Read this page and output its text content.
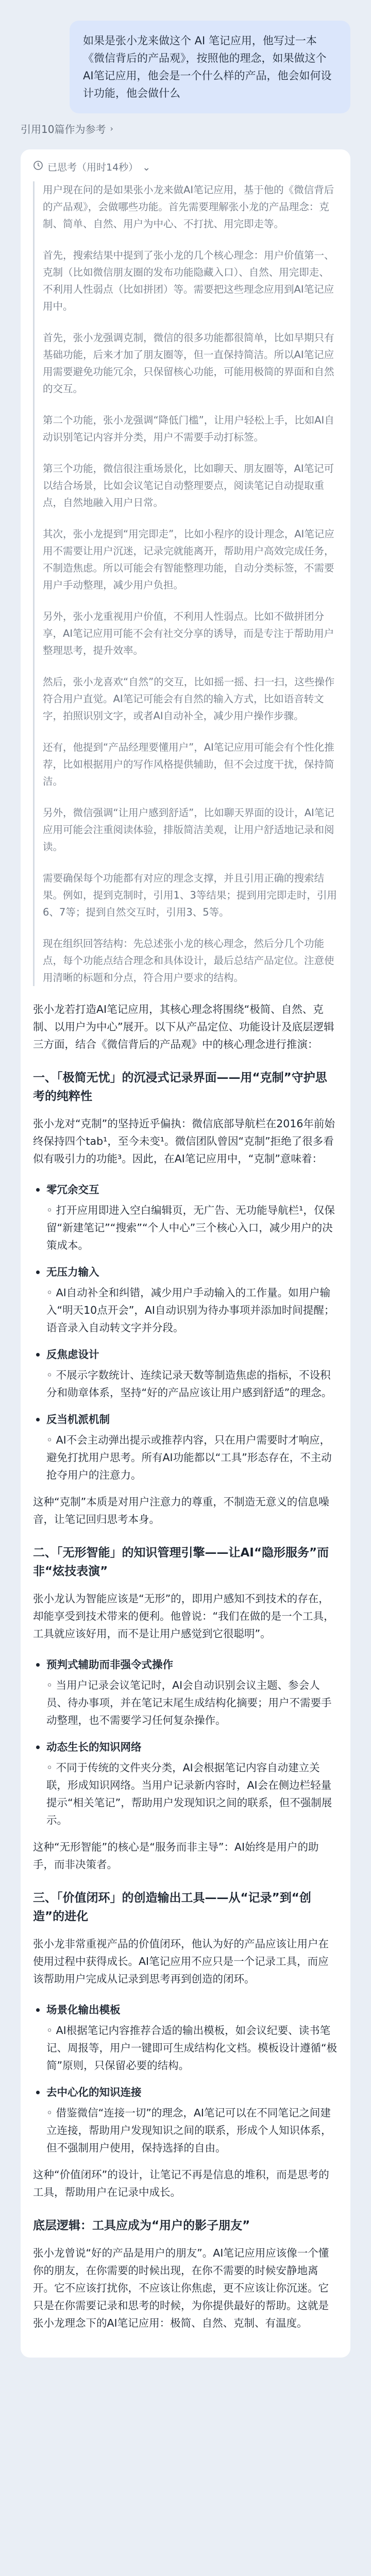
如果是张小龙来做这个 AI 笔记应用，他写过一本《微信背后的产品观》，按照他的理念，如果做这个AI笔记应用，他会是一个什么样的产品，他会如何设计功能，他会做什么
引用10篇作为参考 ›
已思考（用时14秒） ⌄

用户现在问的是如果张小龙来做AI笔记应用，基于他的《微信背后的产品观》，会做哪些功能。首先需要理解张小龙的产品理念：克制、简单、自然、用户为中心、不打扰、用完即走等。

首先，搜索结果中提到了张小龙的几个核心理念：用户价值第一、克制（比如微信朋友圈的发布功能隐藏入口）、自然、用完即走、不利用人性弱点（比如拼团）等。需要把这些理念应用到AI笔记应用中。

首先，张小龙强调克制，微信的很多功能都很简单，比如早期只有基础功能，后来才加了朋友圈等，但一直保持简洁。所以AI笔记应用需要避免功能冗余，只保留核心功能，可能用极简的界面和自然的交互。

第二个功能，张小龙强调“降低门槛”，让用户轻松上手，比如AI自动识别笔记内容并分类，用户不需要手动打标签。

第三个功能，微信很注重场景化，比如聊天、朋友圈等，AI笔记可以结合场景，比如会议笔记自动整理要点，阅读笔记自动提取重点，自然地融入用户日常。

其次，张小龙提到“用完即走”，比如小程序的设计理念，AI笔记应用不需要让用户沉迷，记录完就能离开，帮助用户高效完成任务，不制造焦虑。所以可能会有智能整理功能，自动分类标签，不需要用户手动整理，减少用户负担。

另外，张小龙重视用户价值，不利用人性弱点。比如不做拼团分享，AI笔记应用可能不会有社交分享的诱导，而是专注于帮助用户整理思考，提升效率。

然后，张小龙喜欢“自然”的交互，比如摇一摇、扫一扫，这些操作符合用户直觉。AI笔记可能会有自然的输入方式，比如语音转文字，拍照识别文字，或者AI自动补全，减少用户操作步骤。

还有，他提到“产品经理要懂用户”，AI笔记应用可能会有个性化推荐，比如根据用户的写作风格提供辅助，但不会过度干扰，保持简洁。

另外，微信强调“让用户感到舒适”，比如聊天界面的设计，AI笔记应用可能会注重阅读体验，排版简洁美观，让用户舒适地记录和阅读。

需要确保每个功能都有对应的理念支撑，并且引用正确的搜索结果。例如，提到克制时，引用1、3等结果；提到用完即走时，引用6、7等；提到自然交互时，引用3、5等。

现在组织回答结构：先总述张小龙的核心理念，然后分几个功能点，每个功能点结合理念和具体设计，最后总结产品定位。注意使用清晰的标题和分点，符合用户要求的结构。

张小龙若打造AI笔记应用，其核心理念将围绕“极简、自然、克制、以用户为中心”展开。以下从产品定位、功能设计及底层逻辑三方面，结合《微信背后的产品观》中的核心理念进行推演：

一、「极简无忧」的沉浸式记录界面——用“克制”守护思考的纯粹性

张小龙对“克制”的坚持近乎偏执：微信底部导航栏在2016年前始终保持四个tab¹，至今未变¹。微信团队曾因“克制”拒绝了很多看似有吸引力的功能³。因此，在AI笔记应用中，“克制”意味着：

零冗余交互
◦ 打开应用即进入空白编辑页，无广告、无功能导航栏¹，仅保留“新建笔记”“搜索”“个人中心”三个核心入口，减少用户的决策成本。
无压力输入
◦ AI自动补全和纠错，减少用户手动输入的工作量。如用户输入“明天10点开会”，AI自动识别为待办事项并添加时间提醒；语音录入自动转文字并分段。
反焦虑设计
◦ 不展示字数统计、连续记录天数等制造焦虑的指标，不设积分和勋章体系，坚持“好的产品应该让用户感到舒适”的理念。
反当机派机制
◦ AI不会主动弹出提示或推荐内容，只在用户需要时才响应，避免打扰用户思考。所有AI功能都以“工具”形态存在，不主动抢夺用户的注意力。

这种“克制”本质是对用户注意力的尊重，不制造无意义的信息噪音，让笔记回归思考本身。

二、「无形智能」的知识管理引擎——让AI“隐形服务”而非“炫技表演”

张小龙认为智能应该是“无形”的，即用户感知不到技术的存在，却能享受到技术带来的便利。他曾说：“我们在做的是一个工具，工具就应该好用，而不是让用户感觉到它很聪明”。

预判式辅助而非强令式操作
◦ 当用户记录会议笔记时，AI会自动识别会议主题、参会人员、待办事项，并在笔记末尾生成结构化摘要；用户不需要手动整理，也不需要学习任何复杂操作。
动态生长的知识网络
◦ 不同于传统的文件夹分类，AI会根据笔记内容自动建立关联，形成知识网络。当用户记录新内容时，AI会在侧边栏轻量提示“相关笔记”，帮助用户发现知识之间的联系，但不强制展示。

这种“无形智能”的核心是“服务而非主导”：AI始终是用户的助手，而非决策者。

三、「价值闭环」的创造输出工具——从“记录”到“创造”的进化

张小龙非常重视产品的价值闭环，他认为好的产品应该让用户在使用过程中获得成长。AI笔记应用不应只是一个记录工具，而应该帮助用户完成从记录到思考再到创造的闭环。

场景化输出模板
◦ AI根据笔记内容推荐合适的输出模板，如会议纪要、读书笔记、周报等，用户一键即可生成结构化文档。模板设计遵循“极简”原则，只保留必要的结构。
去中心化的知识连接
◦ 借鉴微信“连接一切”的理念，AI笔记可以在不同笔记之间建立连接，帮助用户发现知识之间的联系，形成个人知识体系，但不强制用户使用，保持选择的自由。

这种“价值闭环”的设计，让笔记不再是信息的堆积，而是思考的工具，帮助用户在记录中成长。

底层逻辑：工具应成为“用户的影子朋友”

张小龙曾说“好的产品是用户的朋友”。AI笔记应用应该像一个懂你的朋友，在你需要的时候出现，在你不需要的时候安静地离开。它不应该打扰你，不应该让你焦虑，更不应该让你沉迷。它只是在你需要记录和思考的时候，为你提供最好的帮助。这就是张小龙理念下的AI笔记应用：极简、自然、克制、有温度。
